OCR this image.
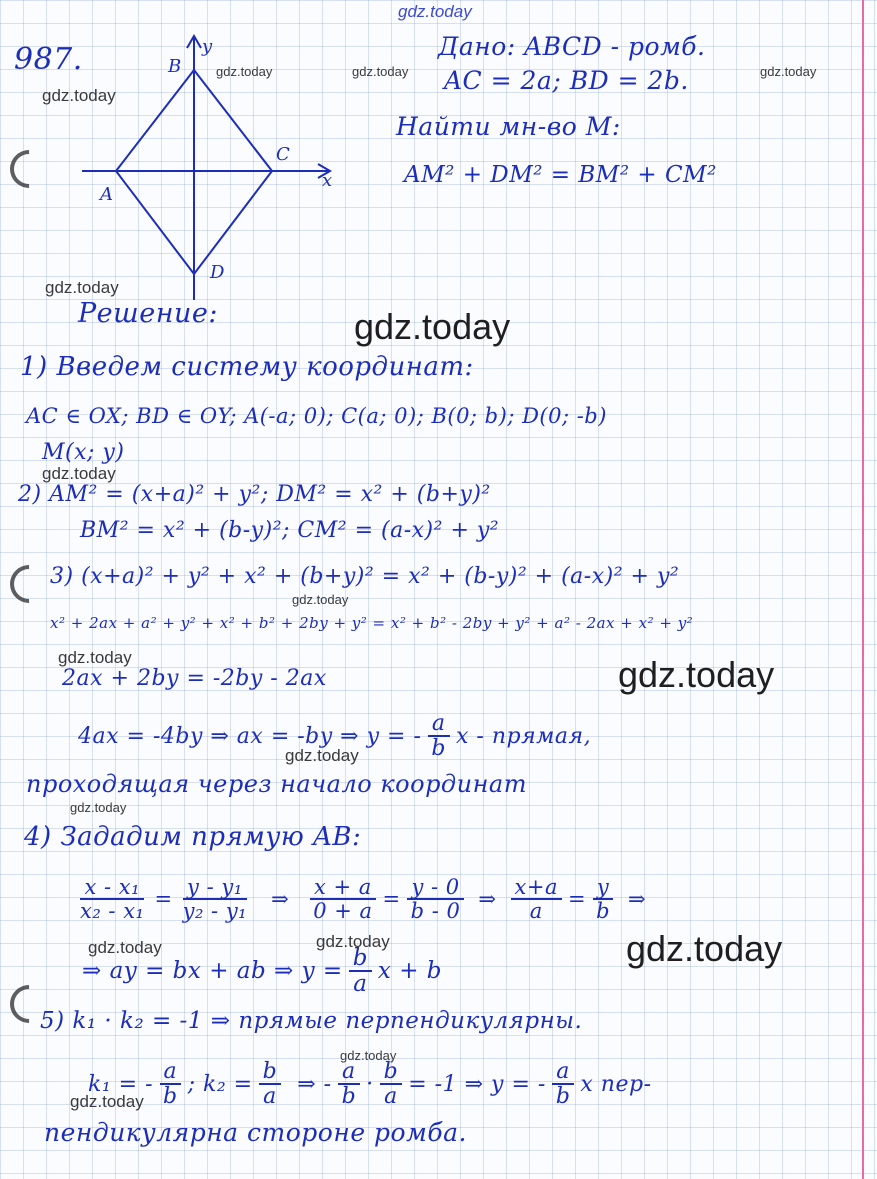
gdz.today
gdz.today	gdz.today	gdz.today
gdz.today
gdz.today
gdz.today
gdz.today
gdz.today
gdz.today	gdz.today
gdz.today
gdz.today
gdz.today	gdz.today	gdz.today
gdz.today
gdz.today
987.	B
A
C
D
x
y	Дано: ABCD - ромб.
AC = 2a; BD = 2b.
Найти мн-во M:
AM² + DM² = BM² + CM²
Решение:
1) Введем систему координат:
AC ∈ OX; BD ∈ OY; A(-a; 0); C(a; 0); B(0; b); D(0; -b)
M(x; y)
2) AM² = (x+a)² + y²; DM² = x² + (b+y)²
BM² = x² + (b-y)²; CM² = (a-x)² + y²
3) (x+a)² + y² + x² + (b+y)² = x² + (b-y)² + (a-x)² + y²
x² + 2ax + a² + y² + x² + b² + 2by + y² = x² + b² - 2by + y² + a² - 2ax + x² + y²
2ax + 2by = -2by - 2ax
4ax = -4by ⇒ ax = -by ⇒ y = - $\frac{a}{b}$ x - прямая,
проходящая через начало координат
4) Зададим прямую AB:
$\frac{\text{x - x₁}}{\text{x₂ - x₁}} = \frac{\text{y - y₁}}{\text{y₂ - y₁}}$ ⇒ $\frac{x + a}{0 + a} = \frac{y - 0}{b - 0}$ ⇒ $\frac{x+a}{a} = \frac{y}{b}$ ⇒
⇒ ay = bx + ab ⇒ $y = \frac{b}{a}$ x + b
5) k₁ · k₂ = -1 ⇒ прямые перпендикулярны.
k₁ = - $\frac{a}{b}$ ; $k_2 = \frac{b}{a}$ ⇒ - $\frac{a}{b} \cdot \frac{b}{a} = -1$ ⇒ y = - $\frac{a}{b}$ x пер-
пендикулярна стороне ромба.
